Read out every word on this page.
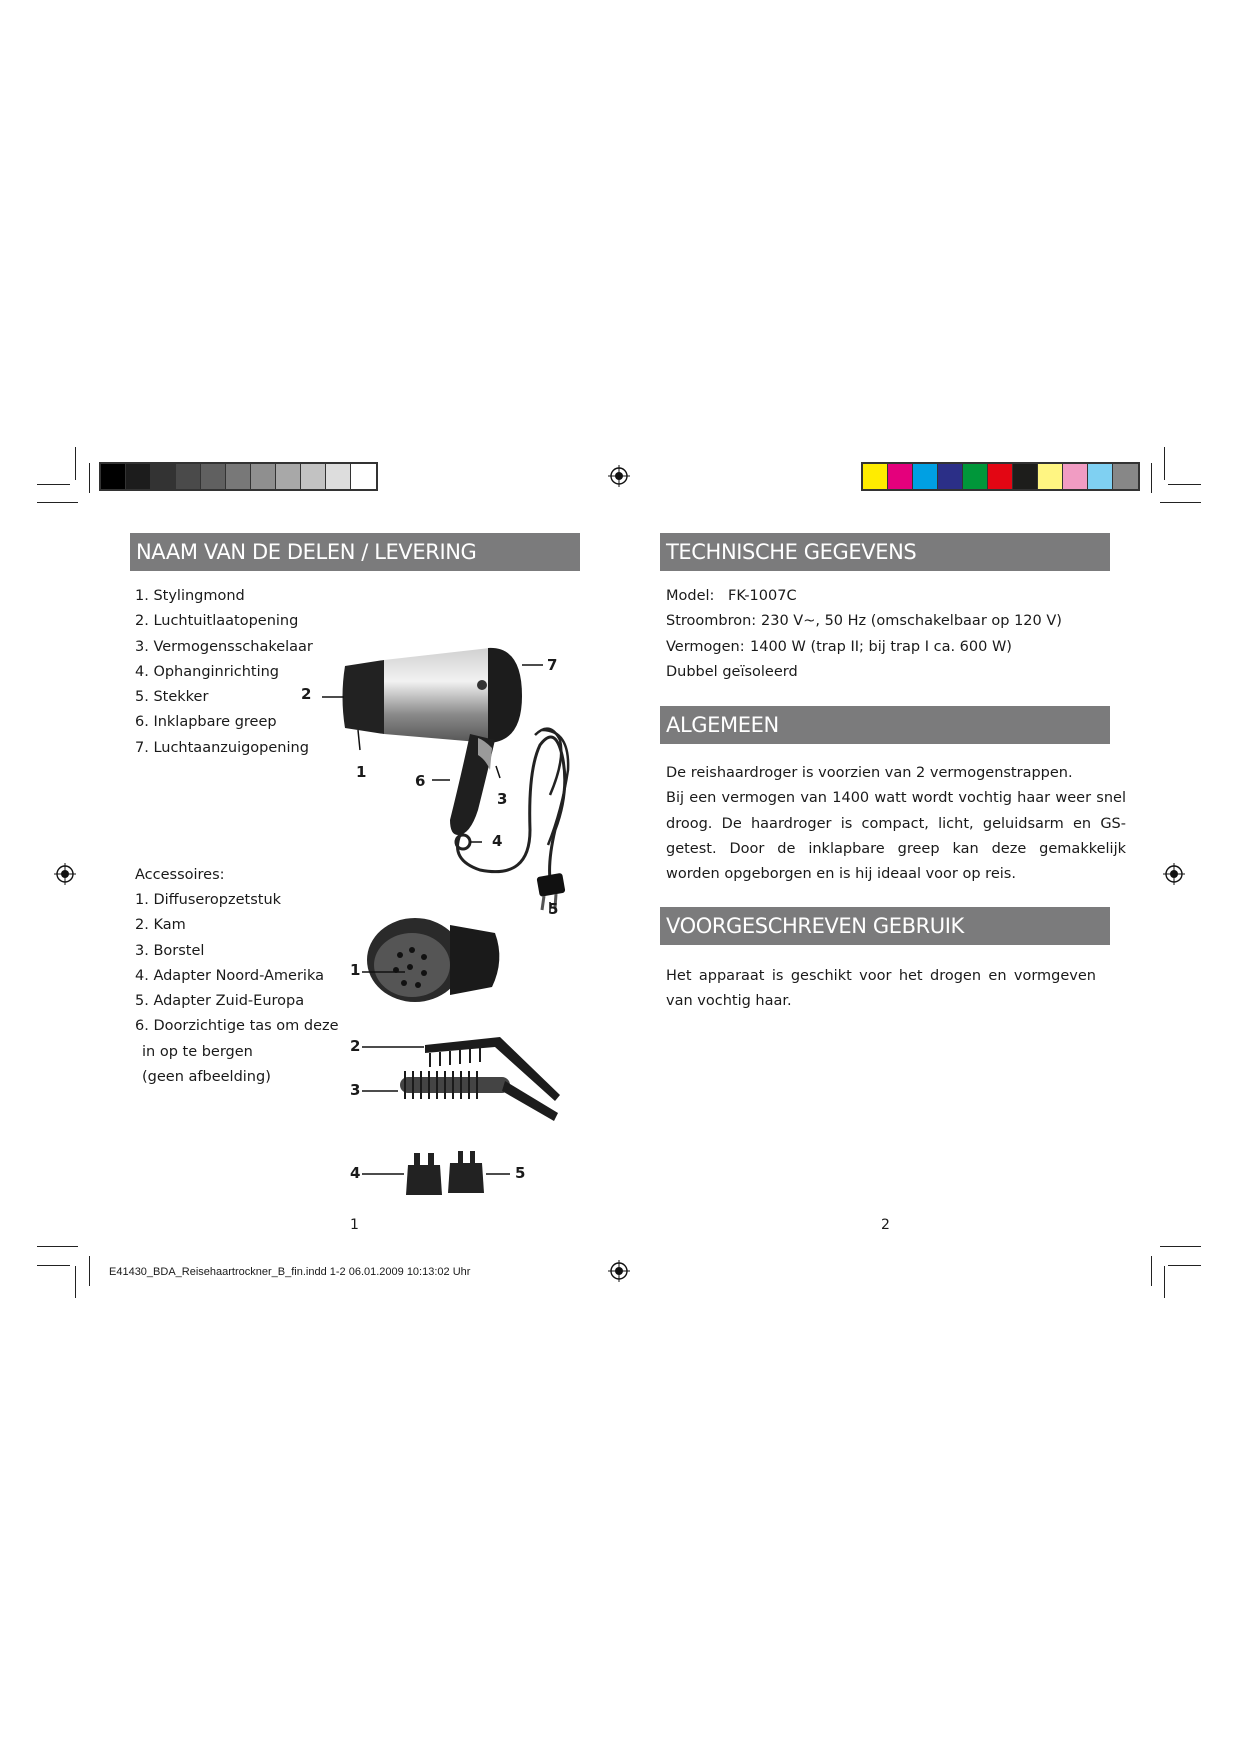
NAAM VAN DE DELEN / LEVERING
1. Stylingmond
2. Luchtuitlaatopening
3. Vermogensschakelaar
4. Ophanginrichting
5. Stekker
6. Inklapbare greep
7. Luchtaanzuigopening
Accessoires:
1. Diffuseropzetstuk
2. Kam
3. Borstel
4. Adapter Noord-Amerika
5. Adapter Zuid-Europa
6. Doorzichtige tas om deze
in op te bergen
(geen afbeelding)
1
2
3
4
5
6
7
1
2
3
4	5
1
TECHNISCHE GEGEVENS
Model: FK-1007C
Stroombron: 230 V~, 50 Hz (omschakelbaar op 120 V)
Vermogen: 1400 W (trap II; bij trap I ca. 600 W)
Dubbel geïsoleerd
ALGEMEEN

De reishaardroger is voorzien van 2 vermogenstrappen.

Bij een vermogen van 1400 watt wordt vochtig haar weer snel droog. De haardroger is compact, licht, geluidsarm en GS-getest. Door de inklapbare greep kan deze gemakkelijk worden opgeborgen en is hij ideaal voor op reis.

VOORGESCHREVEN GEBRUIK

Het apparaat is geschikt voor het drogen en vormgeven van vochtig haar.

2
E41430_BDA_Reisehaartrockner_B_fin.indd 1-2 06.01.2009 10:13:02 Uhr
